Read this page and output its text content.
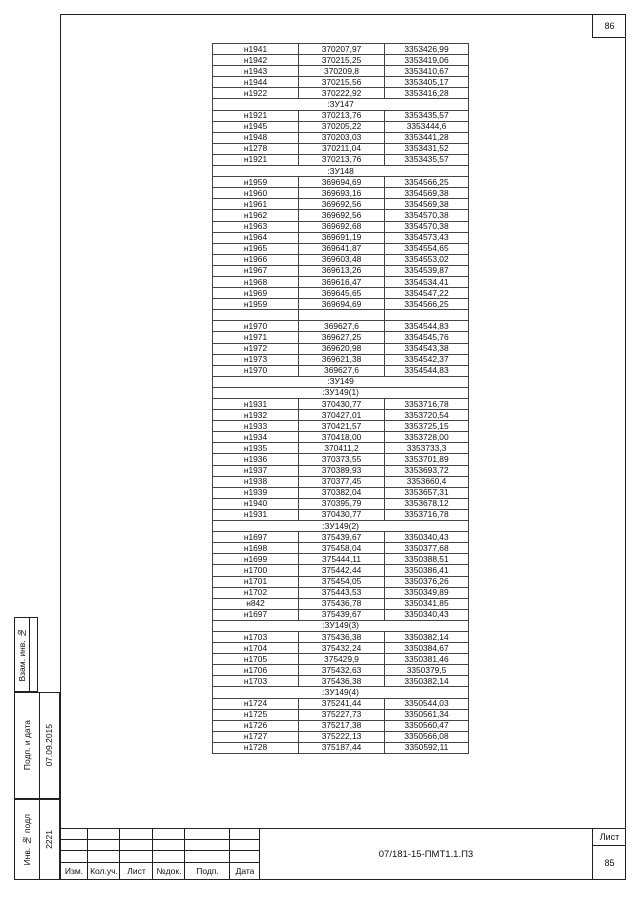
86
н1941	370207,97	3353426,99
н1942	370215,25	3353419,06
н1943	370209,8	3353410,67
н1944	370215,56	3353405,17
н1922	370222,92	3353416,28
:ЗУ147		
н1921	370213,76	3353435,57
н1945	370205,22	3353444,6
н1948	370203,03	3353441,28
н1278	370211,04	3353431,52
н1921	370213,76	3353435,57
:ЗУ148		
н1959	369694,69	3354566,25
н1960	369693,16	3354569,38
н1961	369692,56	3354569,38
н1962	369692,56	3354570,38
н1963	369692,68	3354570,38
н1964	369691,19	3354573,43
н1965	369641,87	3354554,65
н1966	369603,48	3354553,02
н1967	369613,26	3354539,87
н1968	369616,47	3354534,41
н1969	369645,65	3354547,22
н1959	369694,69	3354566,25

н1970	369627,6	3354544,83
н1971	369627,25	3354545,76
н1972	369620,98	3354543,38
н1973	369621,38	3354542,37
н1970	369627,6	3354544,83
:ЗУ149		
:ЗУ149(1)		
н1931	370430,77	3353716,78
н1932	370427,01	3353720,54
н1933	370421,57	3353725,15
н1934	370418,00	3353728,00
н1935	370411,2	3353733,3
н1936	370373,55	3353701,89
н1937	370389,93	3353693,72
н1938	370377,45	3353660,4
н1939	370382,04	3353657,31
н1940	370395,79	3353678,12
н1931	370430,77	3353716,78
:ЗУ149(2)		
н1697	375439,67	3350340,43
н1698	375458,04	3350377,68
н1699	375444,11	3350388,51
н1700	375442,44	3350386,41
н1701	375454,05	3350376,26
н1702	375443,53	3350349,89
н842	375436,78	3350341,85
н1697	375439,67	3350340,43
:ЗУ149(3)		
н1703	375436,38	3350382,14
н1704	375432,24	3350384,67
н1705	375429,9	3350381,46
н1706	375432,63	3350379,5
н1703	375436,38	3350382,14
:ЗУ149(4)		
н1724	375241,44	3350544,03
н1725	375227,73	3350561,34
н1726	375217,38	3350560,47
н1727	375222,13	3350566,08
н1728	375187,44	3350592,11
Взам. инв. №
Подп. и дата 07.09.2015
Инв. № подл 2221
Изм. Кол.уч.	Лист	№док.	Подп.	Дата
07/181-15-ПМТ1.1.П3
Лист
85
